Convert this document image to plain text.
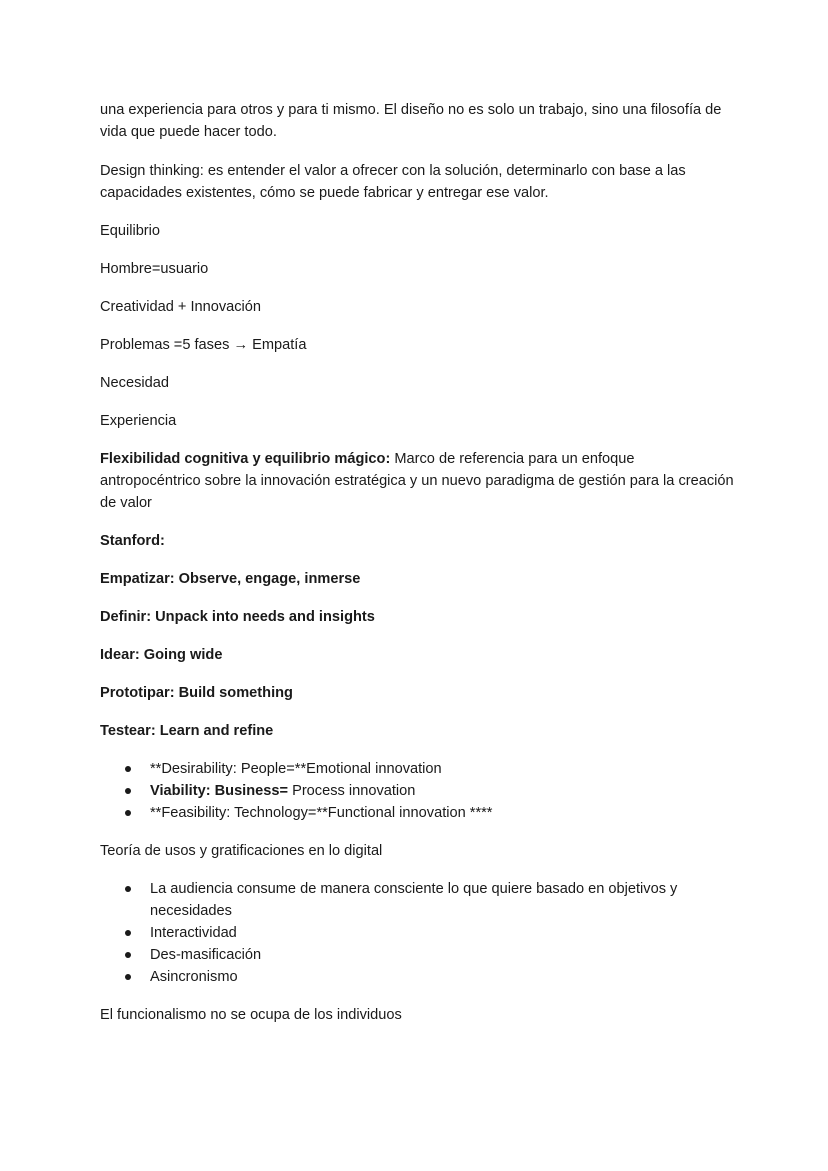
una experiencia para otros y para ti mismo. El diseño no es solo un trabajo, sino una filosofía de vida que puede hacer todo.

Design thinking: es entender el valor a ofrecer con la solución, determinarlo con base a las capacidades existentes, cómo se puede fabricar y entregar ese valor.

Equilibrio

Hombre=usuario

Creatividad + Innovación

Problemas =5 fases → Empatía

Necesidad

Experiencia

Flexibilidad cognitiva y equilibrio mágico: Marco de referencia para un enfoque antropocéntrico sobre la innovación estratégica y un nuevo paradigma de gestión para la creación de valor

Stanford:

Empatizar: Observe, engage, inmerse

Definir: Unpack into needs and insights

Idear: Going wide

Prototipar: Build something

Testear: Learn and refine

**Desirability: People=**Emotional innovation
Viability: Business= Process innovation
**Feasibility: Technology=**Functional innovation ****

Teoría de usos y gratificaciones en lo digital

La audiencia consume de manera consciente lo que quiere basado en objetivos y necesidades
Interactividad
Des-masificación
Asincronismo

El funcionalismo no se ocupa de los individuos
